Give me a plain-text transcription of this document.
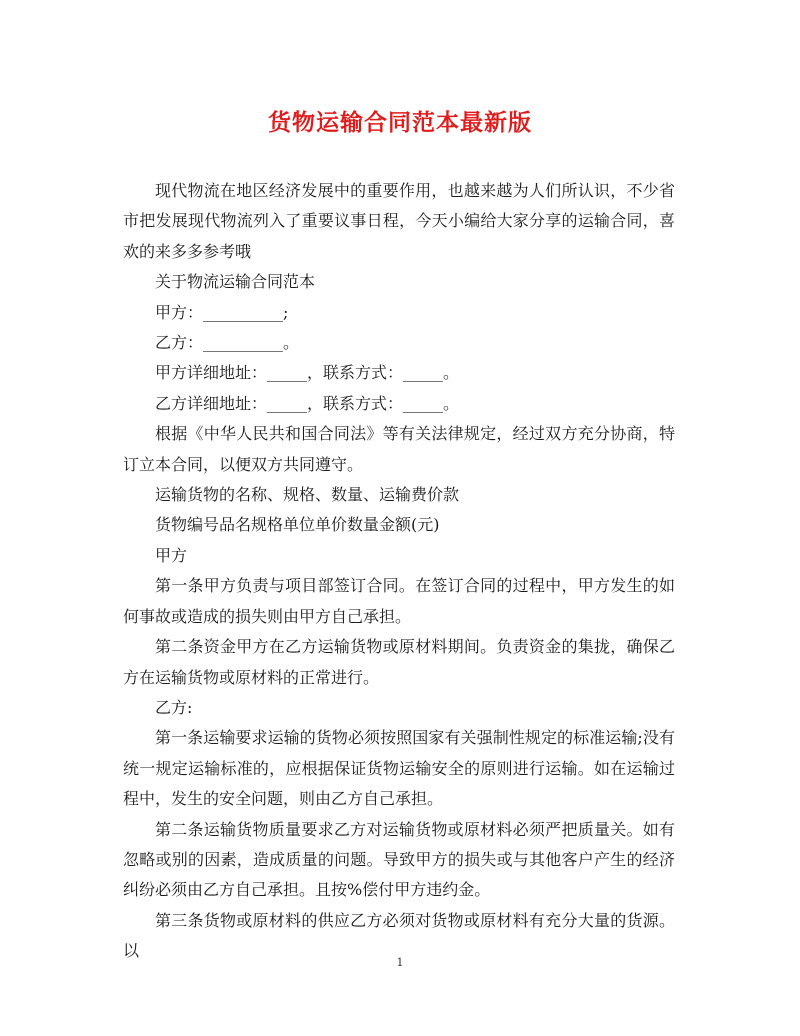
货物运输合同范本最新版

现代物流在地区经济发展中的重要作用，也越来越为人们所认识，不少省市把发展现代物流列入了重要议事日程，今天小编给大家分享的运输合同，喜欢的来多多参考哦

关于物流运输合同范本

甲方：__________;

乙方：__________。

甲方详细地址：_____，联系方式：_____。

乙方详细地址：_____，联系方式：_____。

根据《中华人民共和国合同法》等有关法律规定，经过双方充分协商，特订立本合同，以便双方共同遵守。

运输货物的名称、规格、数量、运输费价款

货物编号品名规格单位单价数量金额(元)

甲方

第一条甲方负责与项目部签订合同。在签订合同的过程中，甲方发生的如何事故或造成的损失则由甲方自己承担。

第二条资金甲方在乙方运输货物或原材料期间。负责资金的集拢，确保乙方在运输货物或原材料的正常进行。

乙方:

第一条运输要求运输的货物必须按照国家有关强制性规定的标准运输;没有统一规定运输标准的，应根据保证货物运输安全的原则进行运输。如在运输过程中，发生的安全问题，则由乙方自己承担。

第二条运输货物质量要求乙方对运输货物或原材料必须严把质量关。如有忽略或别的因素，造成质量的问题。导致甲方的损失或与其他客户产生的经济纠纷必须由乙方自己承担。且按%偿付甲方违约金。

第三条货物或原材料的供应乙方必须对货物或原材料有充分大量的货源。以

1
